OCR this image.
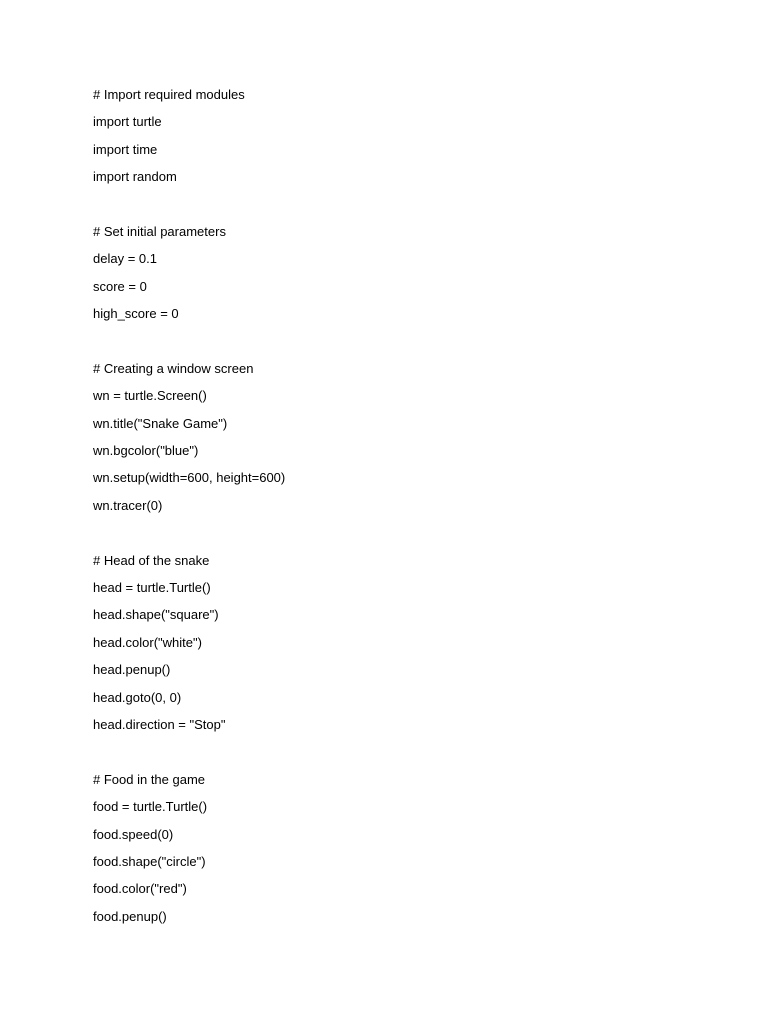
# Import required modules
import turtle
import time
import random
# Set initial parameters
delay = 0.1
score = 0
high_score = 0
# Creating a window screen
wn = turtle.Screen()
wn.title("Snake Game")
wn.bgcolor("blue")
wn.setup(width=600, height=600)
wn.tracer(0)
# Head of the snake
head = turtle.Turtle()
head.shape("square")
head.color("white")
head.penup()
head.goto(0, 0)
head.direction = "Stop"
# Food in the game
food = turtle.Turtle()
food.speed(0)
food.shape("circle")
food.color("red")
food.penup()
